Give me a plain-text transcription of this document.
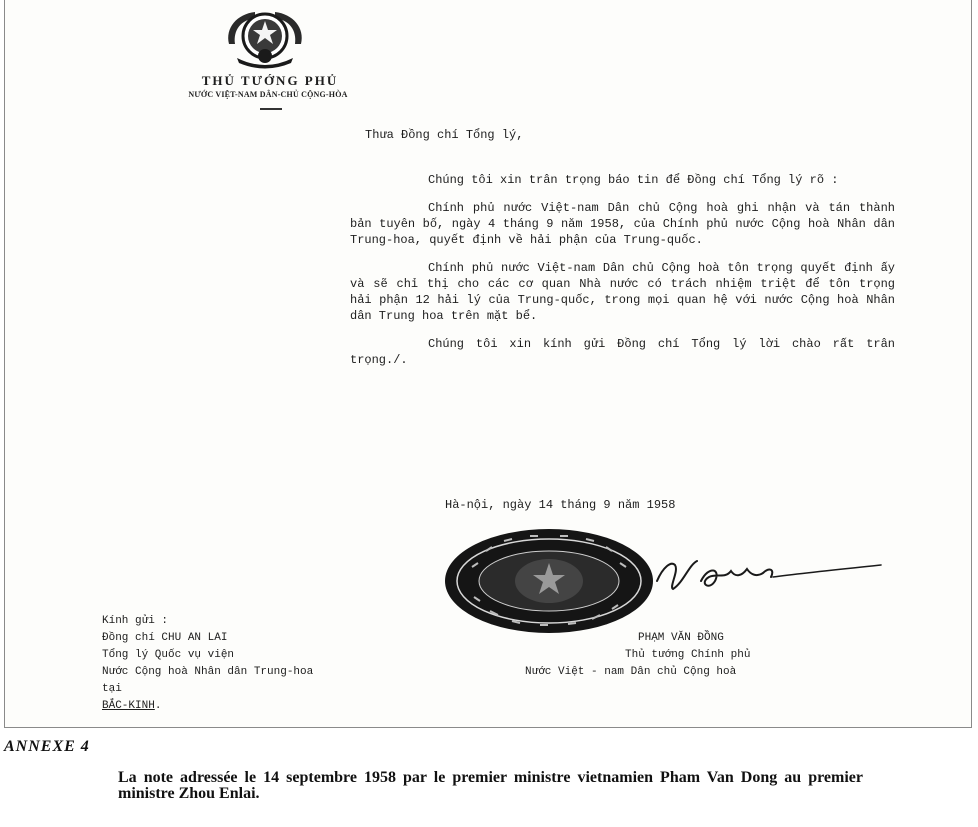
THỦ TƯỚNG PHỦ
NƯỚC VIỆT-NAM DÂN-CHỦ CỘNG-HÒA
Thưa Đồng chí Tổng lý,

Chúng tôi xin trân trọng báo tin để Đồng chí Tổng lý rõ :

Chính phủ nước Việt-nam Dân chủ Cộng hoà ghi nhận và tán thành bản tuyên bố, ngày 4 tháng 9 năm 1958, của Chính phủ nước Cộng hoà Nhân dân Trung-hoa, quyết định về hải phận của Trung-quốc.

Chính phủ nước Việt-nam Dân chủ Cộng hoà tôn trọng quyết định ấy và sẽ chỉ thị cho các cơ quan Nhà nước có trách nhiệm triệt để tôn trọng hải phận 12 hải lý của Trung-quốc, trong mọi quan hệ với nước Cộng hoà Nhân dân Trung hoa trên mặt bể.

Chúng tôi xin kính gửi Đồng chí Tổng lý lời chào rất trân trọng./.

Hà-nội, ngày 14 tháng 9 năm 1958
Kính gửi :
Đồng chí CHU AN LAI
Tổng lý Quốc vụ viện
Nước Cộng hoà Nhân dân Trung-hoa
tại
BẮC-KINH.
PHẠM VĂN ĐỒNG
Thủ tướng Chính phủ
Nước Việt - nam Dân chủ Cộng hoà
ANNEXE 4
La note adressée le 14 septembre 1958 par le premier ministre vietnamien Pham Van Dong au premier ministre Zhou Enlai.
